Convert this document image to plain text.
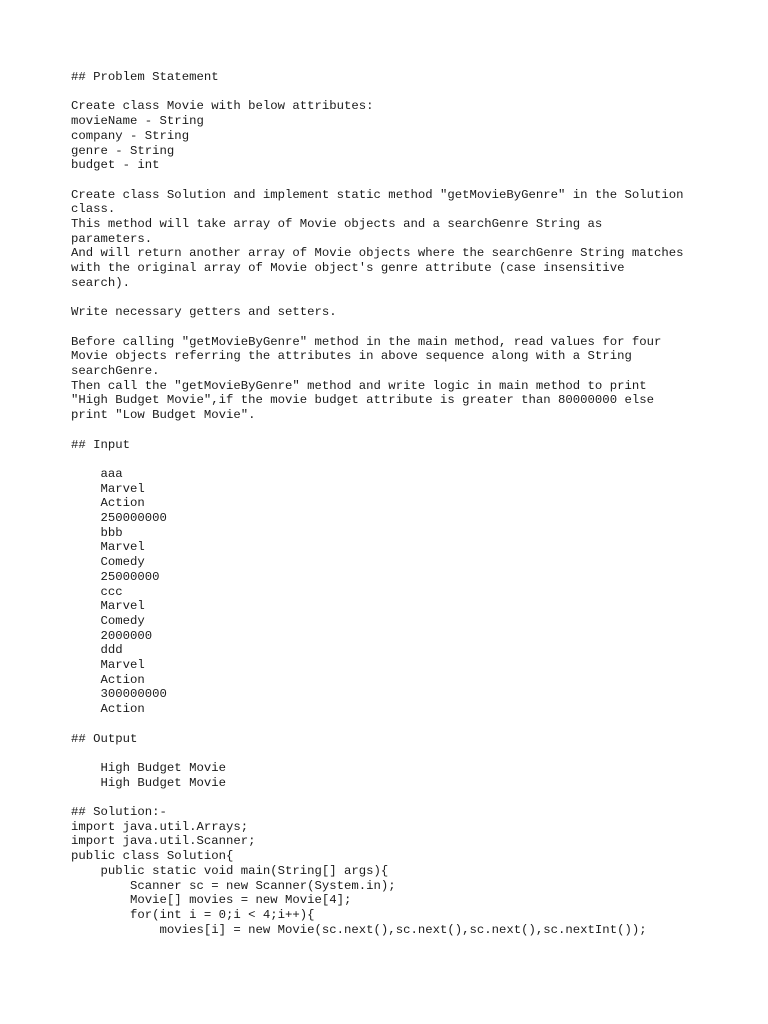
## Problem Statement
Create class Movie with below attributes:
movieName - String
company - String
genre - String
budget - int
Create class Solution and implement static method "getMovieByGenre" in the Solution
class.
This method will take array of Movie objects and a searchGenre String as
parameters.
And will return another array of Movie objects where the searchGenre String matches
with the original array of Movie object's genre attribute (case insensitive
search).
Write necessary getters and setters.
Before calling "getMovieByGenre" method in the main method, read values for four
Movie objects referring the attributes in above sequence along with a String
searchGenre.
Then call the "getMovieByGenre" method and write logic in main method to print
"High Budget Movie",if the movie budget attribute is greater than 80000000 else
print "Low Budget Movie".
## Input
aaa
Marvel
Action
250000000
bbb
Marvel
Comedy
25000000
ccc
Marvel
Comedy
2000000
ddd
Marvel
Action
300000000
Action
## Output
High Budget Movie
High Budget Movie
## Solution:-
import java.util.Arrays;
import java.util.Scanner;
public class Solution{
public static void main(String[] args){
Scanner sc = new Scanner(System.in);
Movie[] movies = new Movie[4];
for(int i = 0;i < 4;i++){
movies[i] = new Movie(sc.next(),sc.next(),sc.next(),sc.nextInt());
